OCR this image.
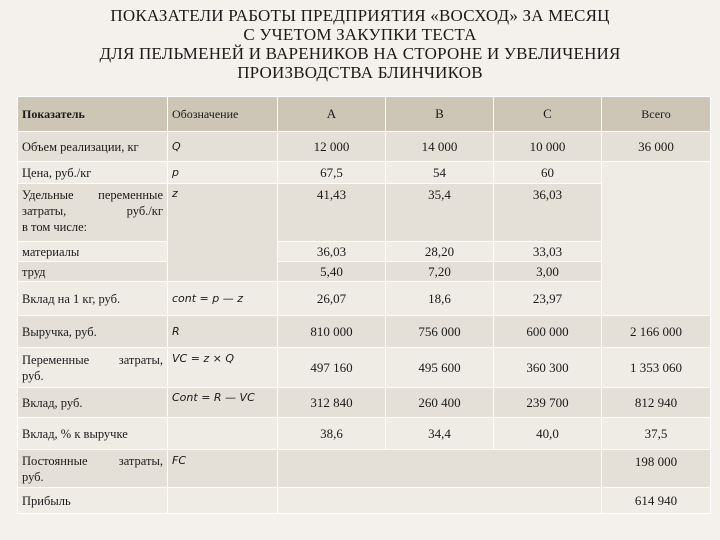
ПОКАЗАТЕЛИ РАБОТЫ ПРЕДПРИЯТИЯ «ВОСХОД» ЗА МЕСЯЦ
С УЧЕТОМ ЗАКУПКИ ТЕСТА
ДЛЯ ПЕЛЬМЕНЕЙ И ВАРЕНИКОВ НА СТОРОНЕ И УВЕЛИЧЕНИЯ
ПРОИЗВОДСТВА БЛИНЧИКОВ
Показатель	Обозначение	A	B	C	Всего
Объем реализации, кг	Q	12 000	14 000	10 000	36 000
Цена, руб./кг	p	67,5	54	60	

Удельные переменные
затраты, руб./кг
в том числе:	z	41,43	35,4	36,03	
материалы		36,03	28,20	33,03	
труд		5,40	7,20	3,00	
Вклад на 1 кг, руб.	cont = p — z	26,07	18,6	23,97	
Выручка, руб.	R	810 000	756 000	600 000	2 166 000

Переменные затраты,
руб.	VC = z × Q	497 160	495 600	360 300	1 353 060
Вклад, руб.	Cont = R — VC	312 840	260 400	239 700	812 940
Вклад, % к выручке		38,6	34,4	40,0	37,5

Постоянные затраты,
руб.	FC				198 000
Прибыль					614 940
